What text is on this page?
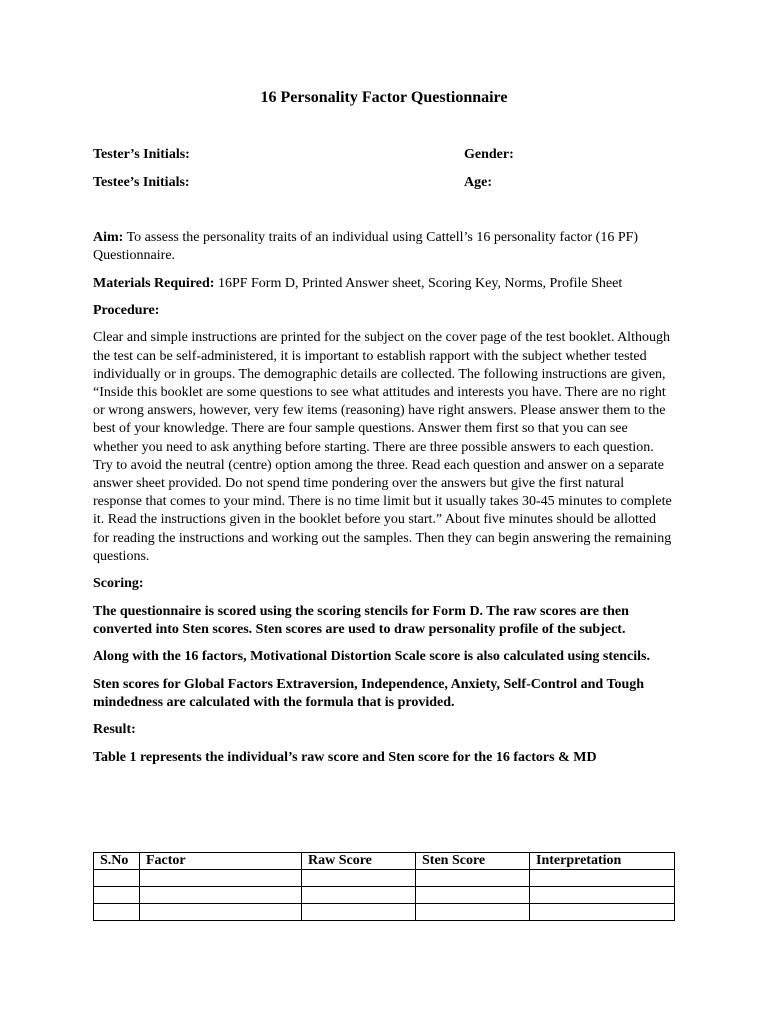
16 Personality Factor Questionnaire
Tester’s Initials:	Gender:
Testee’s Initials:	Age:

Aim: To assess the personality traits of an individual using Cattell’s 16 personality factor (16 PF) Questionnaire.

Materials Required: 16PF Form D, Printed Answer sheet, Scoring Key, Norms, Profile Sheet

Procedure:

Clear and simple instructions are printed for the subject on the cover page of the test booklet. Although the test can be self-administered, it is important to establish rapport with the subject whether tested individually or in groups. The demographic details are collected. The following instructions are given, “Inside this booklet are some questions to see what attitudes and interests you have. There are no right or wrong answers, however, very few items (reasoning) have right answers. Please answer them to the best of your knowledge. There are four sample questions. Answer them first so that you can see whether you need to ask anything before starting. There are three possible answers to each question. Try to avoid the neutral (centre) option among the three. Read each question and answer on a separate answer sheet provided. Do not spend time pondering over the answers but give the first natural response that comes to your mind. There is no time limit but it usually takes 30-45 minutes to complete it. Read the instructions given in the booklet before you start.” About five minutes should be allotted for reading the instructions and working out the samples. Then they can begin answering the remaining questions.

Scoring:

The questionnaire is scored using the scoring stencils for Form D. The raw scores are then converted into Sten scores. Sten scores are used to draw personality profile of the subject.

Along with the 16 factors, Motivational Distortion Scale score is also calculated using stencils.

Sten scores for Global Factors Extraversion, Independence, Anxiety, Self-Control and Tough mindedness are calculated with the formula that is provided.

Result:

Table 1 represents the individual’s raw score and Sten score for the 16 factors & MD

S.No	Factor	Raw Score	Sten Score	Interpretation
